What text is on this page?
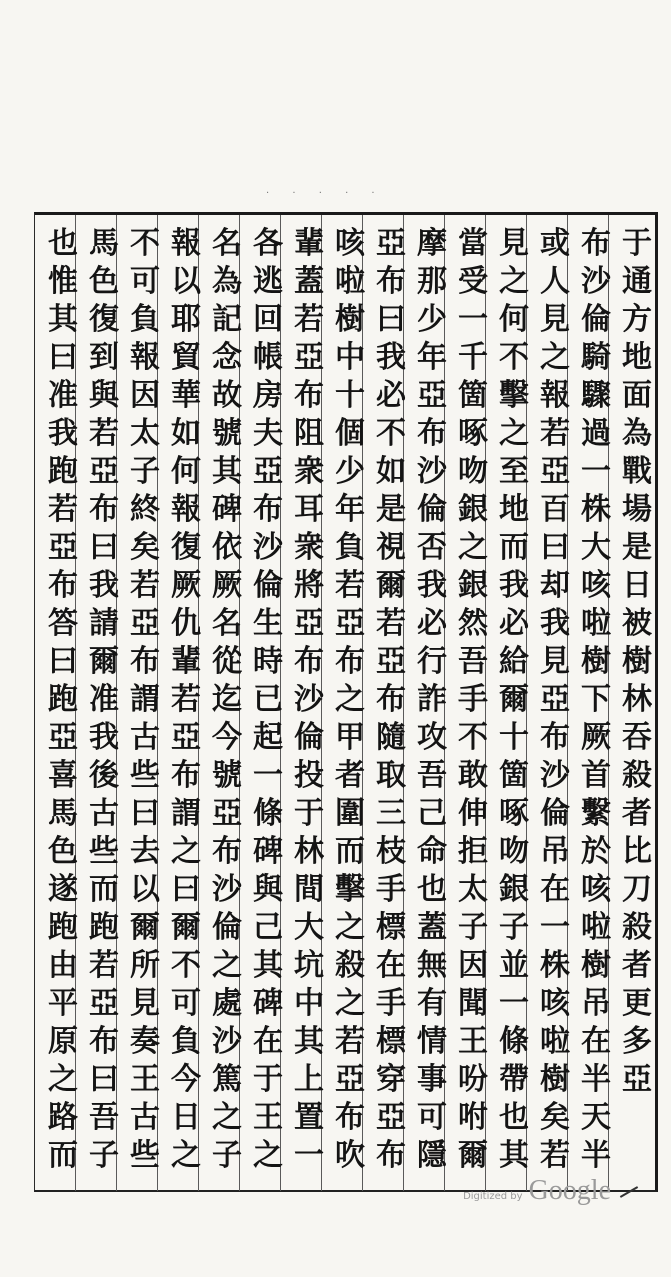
· · · · ·
于
通
方
地
面
為
戰
場
是
日
被
樹
林
吞
殺
者
比
刀
殺
者
更
多
亞
布
沙
倫
騎
驟
過
一
株
大
咳
啦
樹
下
厥
首
繫
於
咳
啦
樹
吊
在
半
天
半
或
人
見
之
報
若
亞
百
曰
却
我
見
亞
布
沙
倫
吊
在
一
株
咳
啦
樹
矣
若
見
之
何
不
擊
之
至
地
而
我
必
給
爾
十
箇
啄
吻
銀
子
並
一
條
帶
也
其
當
受
一
千
箇
啄
吻
銀
之
銀
然
吾
手
不
敢
伸
拒
太
子
因
聞
王
吩
咐
爾
摩
那
少
年
亞
布
沙
倫
否
我
必
行
詐
攻
吾
己
命
也
蓋
無
有
情
事
可
隱
亞
布
曰
我
必
不
如
是
視
爾
若
亞
布
隨
取
三
枝
手
標
在
手
標
穿
亞
布
咳
啦
樹
中
十
個
少
年
負
若
亞
布
之
甲
者
圍
而
擊
之
殺
之
若
亞
布
吹
輩
蓋
若
亞
布
阻
衆
耳
衆
將
亞
布
沙
倫
投
于
林
間
大
坑
中
其
上
置
一
各
逃
回
帳
房
夫
亞
布
沙
倫
生
時
已
起
一
條
碑
與
己
其
碑
在
于
王
之
名
為
記
念
故
號
其
碑
依
厥
名
從
迄
今
號
亞
布
沙
倫
之
處
沙
篤
之
子
報
以
耶
貿
華
如
何
報
復
厥
仇
輩
若
亞
布
謂
之
曰
爾
不
可
負
今
日
之
不
可
負
報
因
太
子
終
矣
若
亞
布
謂
古
些
曰
去
以
爾
所
見
奏
王
古
些
馬
色
復
到
與
若
亞
布
曰
我
請
爾
准
我
後
古
些
而
跑
若
亞
布
曰
吾
子
也
惟
其
曰
准
我
跑
若
亞
布
答
曰
跑
亞
喜
馬
色
遂
跑
由
平
原
之
路
而
Digitized by Google
